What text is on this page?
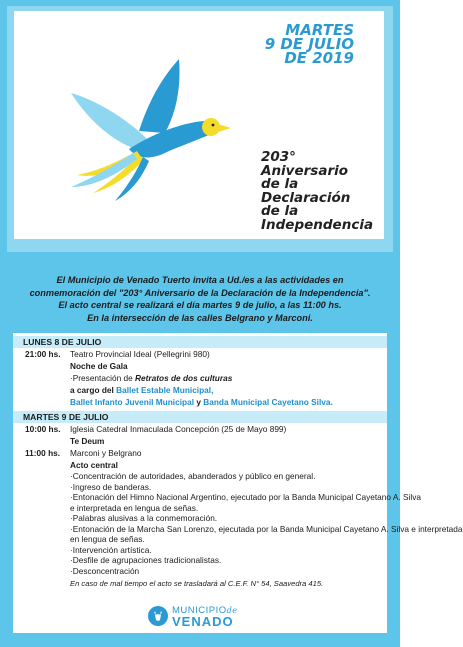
MARTES
9 DE JULIO
DE 2019
203°
Aniversario
de la
Declaración
de la
Independencia
El Municipio de Venado Tuerto invita a Ud./es a las actividades en
conmemoración del "203° Aniversario de la Declaración de la Independencia".
El acto central se realizará el día martes 9 de julio, a las 11:00 hs.
En la intersección de las calles Belgrano y Marconi.
LUNES 8 DE JULIO
21:00 hs. Teatro Provincial Ideal (Pellegrini 980)
Noche de Gala
·Presentación de Retratos de dos culturas
a cargo del Ballet Estable Municipal,
Ballet Infanto Juvenil Municipal y Banda Municipal Cayetano Silva.
MARTES 9 DE JULIO
10:00 hs. Iglesia Catedral Inmaculada Concepción (25 de Mayo 899)
Te Deum
11:00 hs. Marconi y Belgrano
Acto central
·Concentración de autoridades, abanderados y público en general.
·Ingreso de banderas.
·Entonación del Himno Nacional Argentino, ejecutado por la Banda Municipal Cayetano A. Silva
e interpretada en lengua de señas.
·Palabras alusivas a la conmemoración.
·Entonación de la Marcha San Lorenzo, ejecutada por la Banda Municipal Cayetano A. Silva e interpretada
en lengua de señas.
·Intervención artística.
·Desfile de agrupaciones tradicionalistas.
·Desconcentración
En caso de mal tiempo el acto se trasladará al C.E.F. N° 54, Saavedra 415.
MUNICIPIOde
VENADO
